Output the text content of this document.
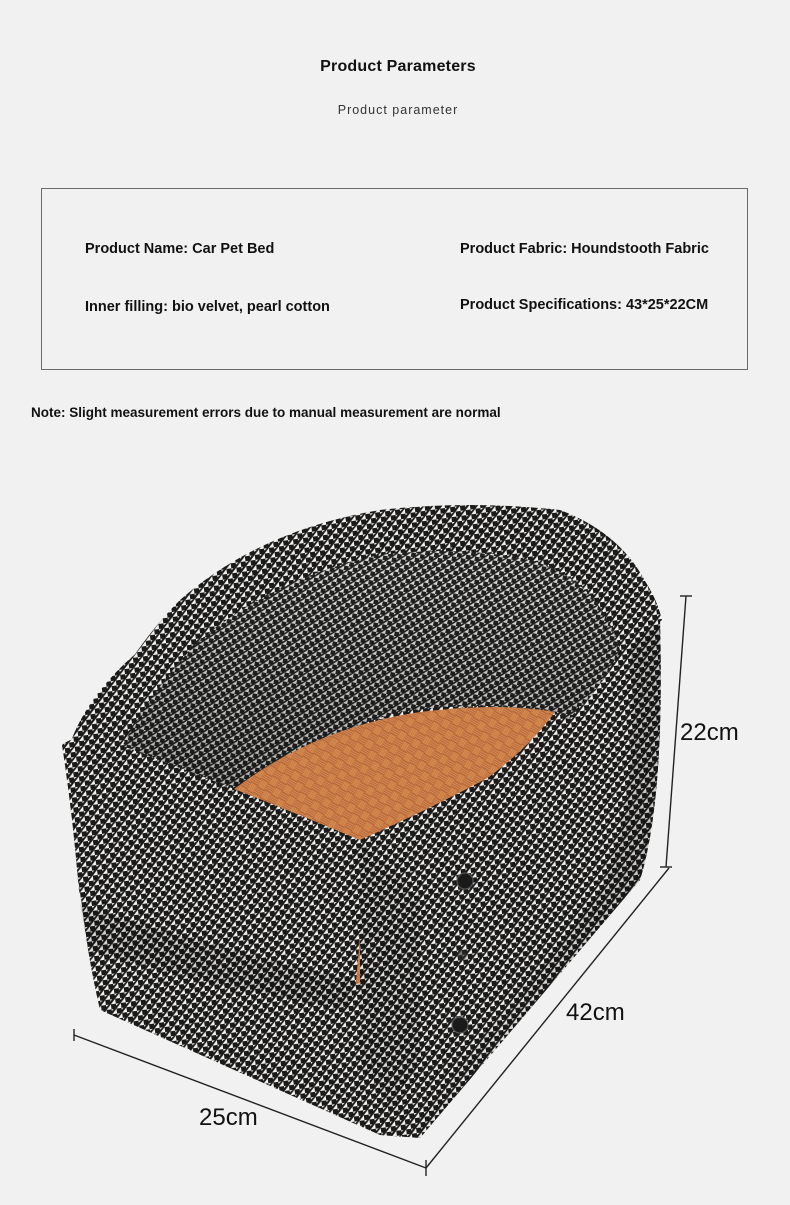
Product Parameters
Product parameter
Product Name: Car Pet Bed	Product Fabric: Houndstooth Fabric
Inner filling: bio velvet, pearl cotton	Product Specifications: 43*25*22CM
Note: Slight measurement errors due to manual measurement are normal
22cm
42cm
25cm
